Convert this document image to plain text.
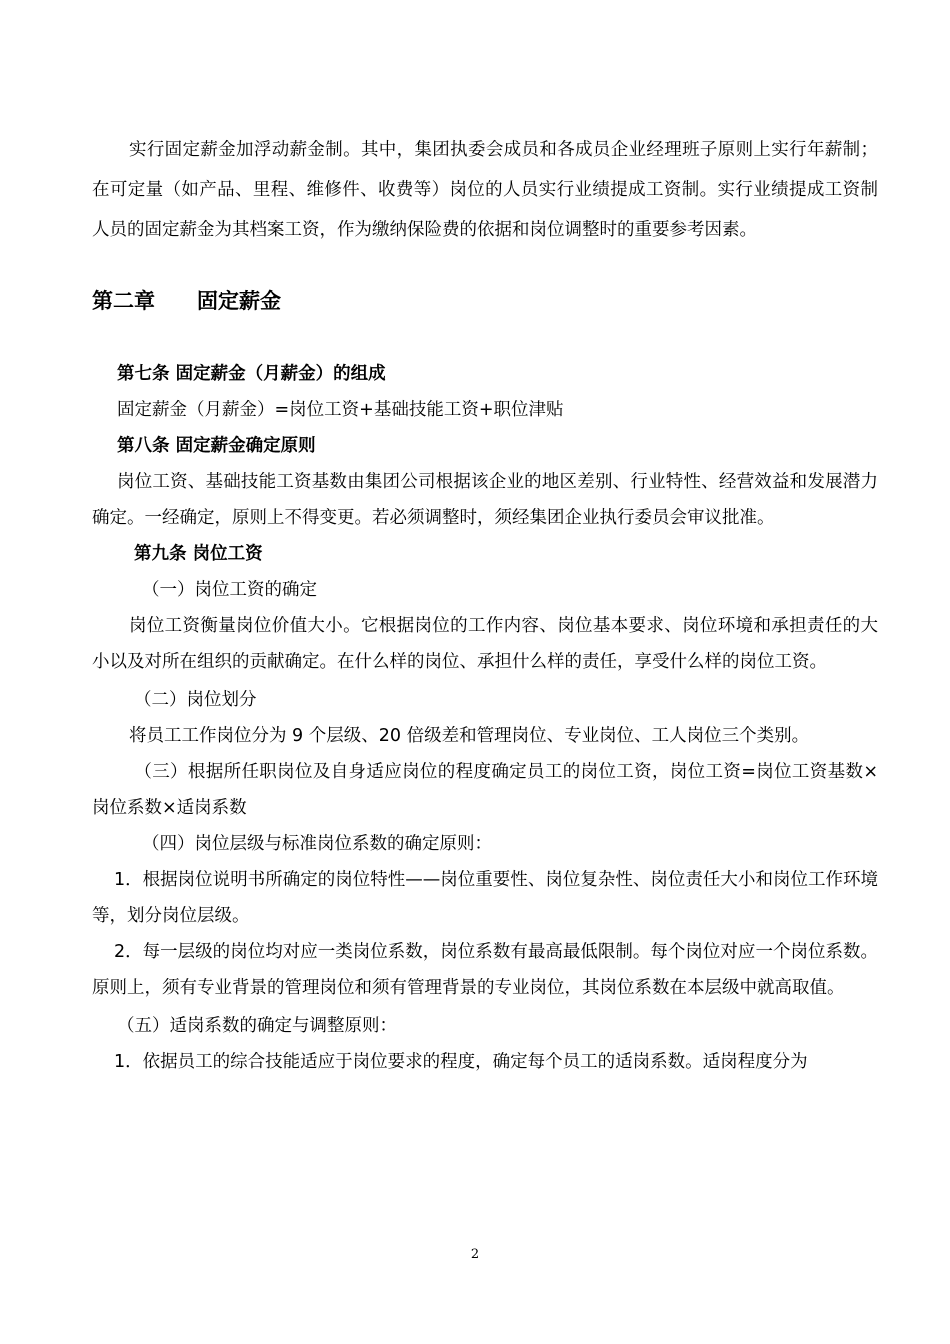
实行固定薪金加浮动薪金制。其中，集团执委会成员和各成员企业经理班子原则上实行年薪制；在可定量（如产品、里程、维修件、收费等）岗位的人员实行业绩提成工资制。实行业绩提成工资制人员的固定薪金为其档案工资，作为缴纳保险费的依据和岗位调整时的重要参考因素。

第二章　　固定薪金

第七条 固定薪金（月薪金）的组成

固定薪金（月薪金）=岗位工资+基础技能工资+职位津贴

第八条 固定薪金确定原则

岗位工资、基础技能工资基数由集团公司根据该企业的地区差别、行业特性、经营效益和发展潜力确定。一经确定，原则上不得变更。若必须调整时，须经集团企业执行委员会审议批准。

第九条 岗位工资

（一）岗位工资的确定

岗位工资衡量岗位价值大小。它根据岗位的工作内容、岗位基本要求、岗位环境和承担责任的大小以及对所在组织的贡献确定。在什么样的岗位、承担什么样的责任，享受什么样的岗位工资。

（二）岗位划分

将员工工作岗位分为 9 个层级、20 倍级差和管理岗位、专业岗位、工人岗位三个类别。

（三）根据所任职岗位及自身适应岗位的程度确定员工的岗位工资，岗位工资=岗位工资基数×岗位系数×适岗系数

（四）岗位层级与标准岗位系数的确定原则：

1．根据岗位说明书所确定的岗位特性——岗位重要性、岗位复杂性、岗位责任大小和岗位工作环境等，划分岗位层级。

2．每一层级的岗位均对应一类岗位系数，岗位系数有最高最低限制。每个岗位对应一个岗位系数。原则上，须有专业背景的管理岗位和须有管理背景的专业岗位，其岗位系数在本层级中就高取值。

（五）适岗系数的确定与调整原则：

1．依据员工的综合技能适应于岗位要求的程度，确定每个员工的适岗系数。适岗程度分为

2
